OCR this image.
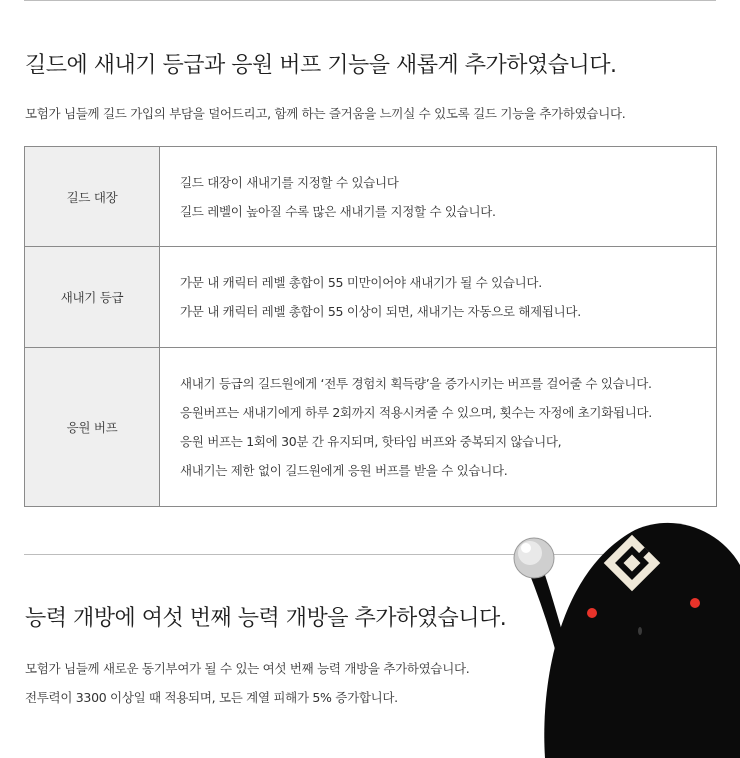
길드에 새내기 등급과 응원 버프 기능을 새롭게 추가하였습니다.

모험가 님들께 길드 가입의 부담을 덜어드리고, 함께 하는 즐거움을 느끼실 수 있도록 길드 기능을 추가하였습니다.

길드 대장	길드 대장이 새내기를 지정할 수 있습니다

길드 레벨이 높아질 수록 많은 새내기를 지정할 수 있습니다.

새내기 등급	가문 내 캐릭터 레벨 총합이 55 미만이어야 새내기가 될 수 있습니다.

가문 내 캐릭터 레벨 총합이 55 이상이 되면, 새내기는 자동으로 해제됩니다.

응원 버프	새내기 등급의 길드원에게 ‘전투 경험치 획득량’을 증가시키는 버프를 걸어줄 수 있습니다.

응원버프는 새내기에게 하루 2회까지 적용시켜줄 수 있으며, 횟수는 자정에 초기화됩니다.

응원 버프는 1회에 30분 간 유지되며, 핫타임 버프와 중복되지 않습니다,

새내기는 제한 없이 길드원에게 응원 버프를 받을 수 있습니다.

능력 개방에 여섯 번째 능력 개방을 추가하였습니다.

모험가 님들께 새로운 동기부여가 될 수 있는 여섯 번째 능력 개방을 추가하였습니다.

전투력이 3300 이상일 때 적용되며, 모든 계열 피해가 5% 증가합니다.
